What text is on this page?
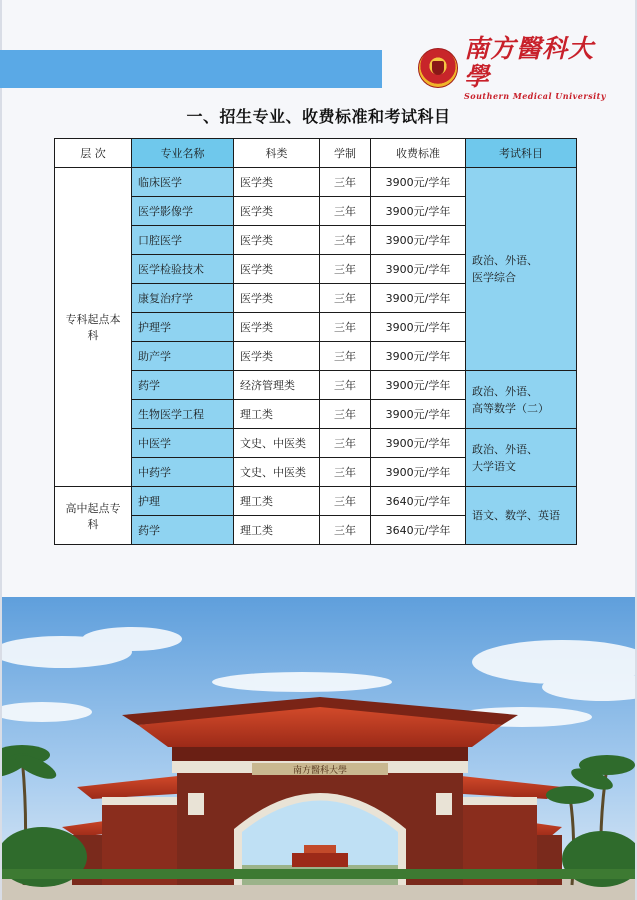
南方醫科大學
Southern Medical University
一、招生专业、收费标准和考试科目
层 次	专业名称	科类	学制	收费标准	考试科目
专科起点本科	临床医学	医学类	三年	3900元/学年	政治、外语、
医学综合
	医学影像学	医学类	三年	3900元/学年	
	口腔医学	医学类	三年	3900元/学年	
	医学检验技术	医学类	三年	3900元/学年	
	康复治疗学	医学类	三年	3900元/学年	
	护理学	医学类	三年	3900元/学年	
	助产学	医学类	三年	3900元/学年	
	药学	经济管理类	三年	3900元/学年	政治、外语、
高等数学（二）
	生物医学工程	理工类	三年	3900元/学年	
	中医学	文史、中医类	三年	3900元/学年	政治、外语、
大学语文
	中药学	文史、中医类	三年	3900元/学年	
高中起点专科	护理	理工类	三年	3640元/学年	语文、数学、英语
	药学	理工类	三年	3640元/学年	
南方醫科大學
